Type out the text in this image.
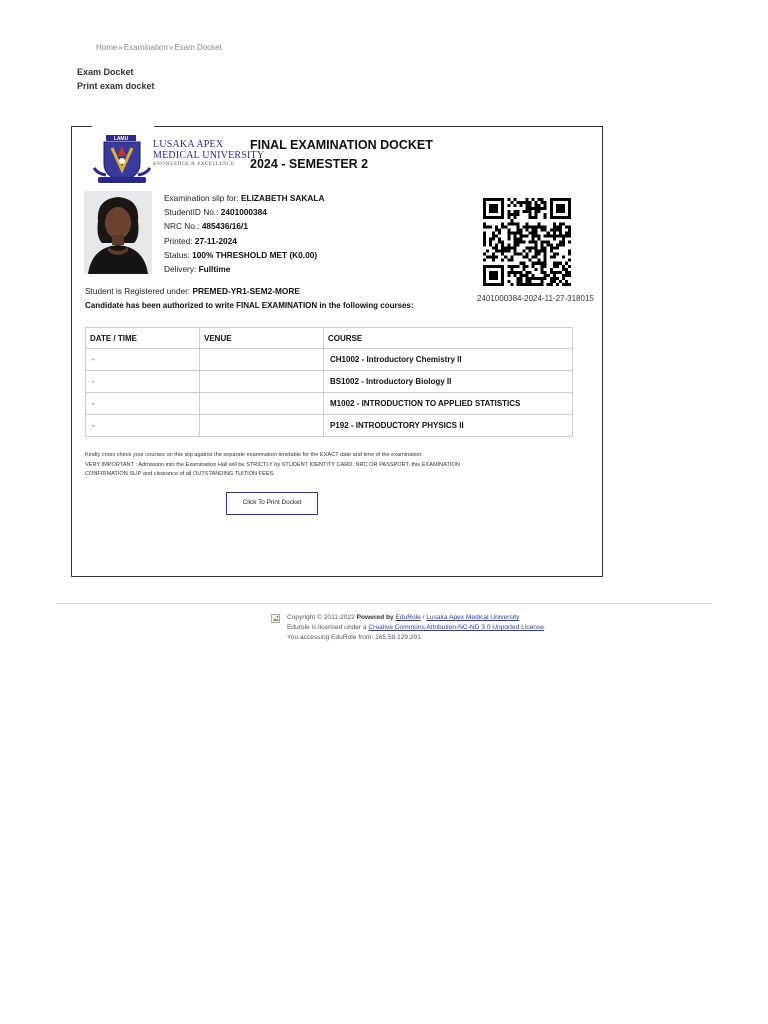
Home»Examination»Exam Docket
Exam Docket
Print exam docket
LAMU LUSAKA APEX
MEDICAL UNIVERSITY
KNOWLEDGE & EXCELLENCE
FINAL EXAMINATION DOCKET
2024 - SEMESTER 2
Examination slip for: ELIZABETH SAKALA
StudentID No.: 2401000384
NRC No.: 485436/16/1
Printed: 27-11-2024
Status: 100% THRESHOLD MET (K0.00)
Delivery: Fulltime
2401000384-2024-11-27-318015
Student is Registered under: PREMED-YR1-SEM2-MORE
Candidate has been authorized to write FINAL EXAMINATION in the following courses:
DATE / TIME	VENUE	COURSE
-		CH1002 - Introductory Chemistry II
-		BS1002 - Introductory Biology II
-		M1002 - INTRODUCTION TO APPLIED STATISTICS
-		P192 - INTRODUCTORY PHYSICS II
Kindly cross check your courses on this slip against the separate examination timetable for the EXACT date and time of the examination.
VERY IMPORTANT : Admission into the Examination Hall will be STRICTLY by STUDENT IDENTITY CARD, NRC OR PASSPORT, this EXAMINATION CONFIRMATION SLIP and clearance of all OUTSTANDING TUITION FEES.
Click To Print Docket
Copyright © 2011-2022 Powered by EduRole / Lusaka Apex Medical University
Edurole is licensed under a Creative Commons Attribution-NC-ND 3.0 Unported License.
You accessing EduRole from: 165.58.129.201
